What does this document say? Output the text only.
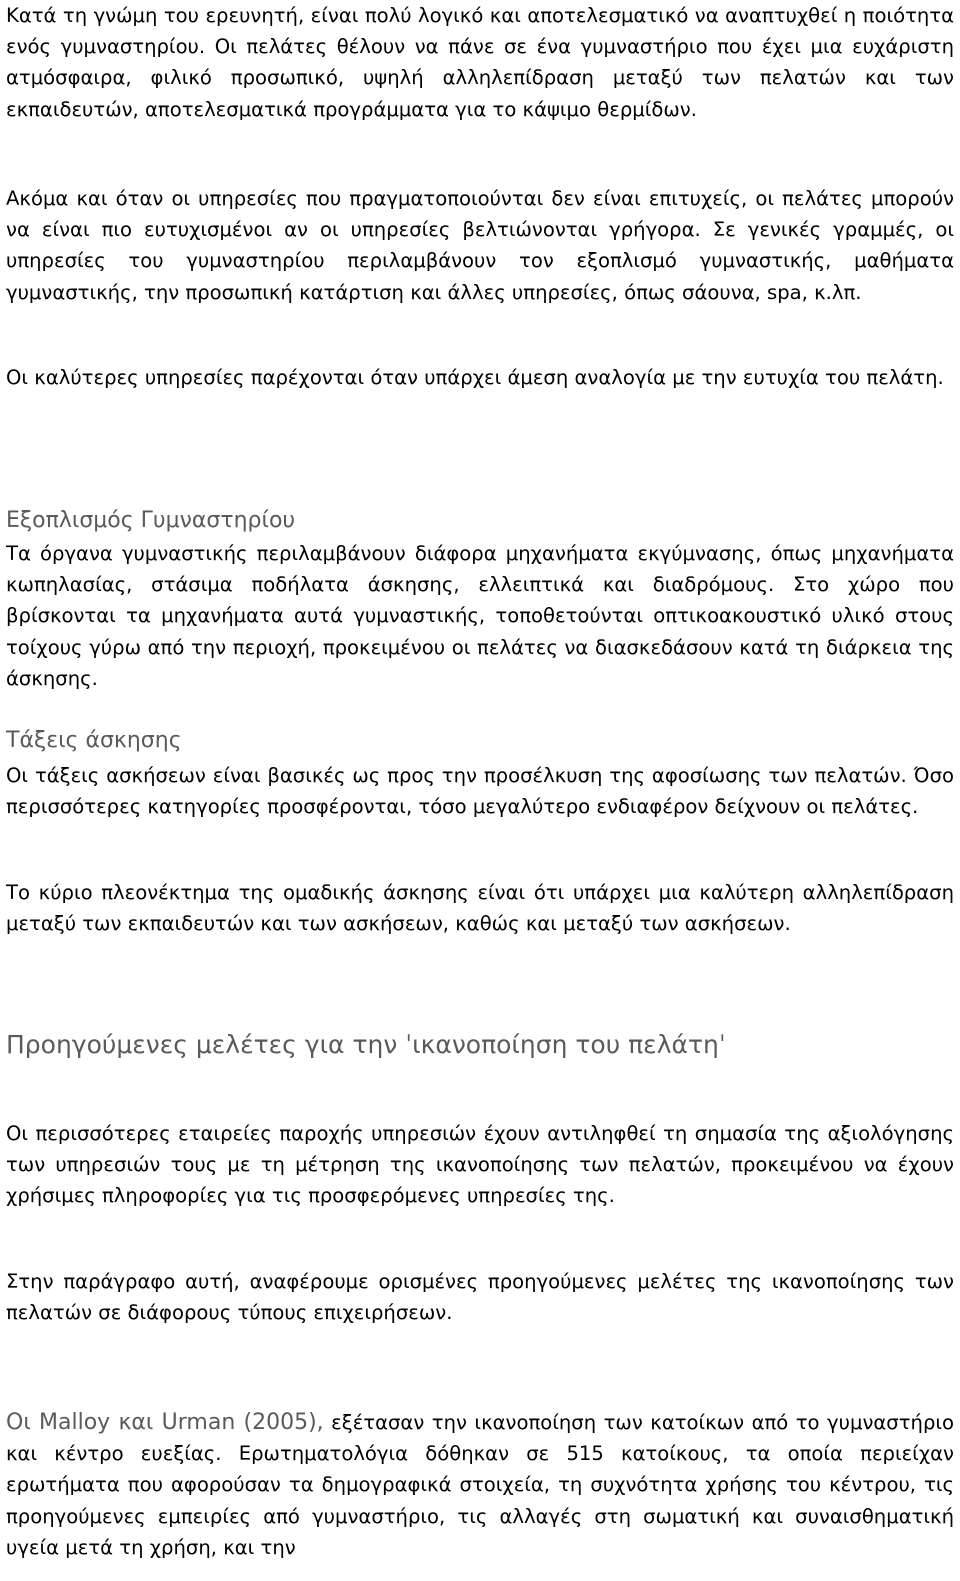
Κατά τη γνώμη του ερευνητή, είναι πολύ λογικό και αποτελεσματικό να αναπτυχθεί η ποιότητα ενός γυμναστηρίου. Οι πελάτες θέλουν να πάνε σε ένα γυμναστήριο που έχει μια ευχάριστη ατμόσφαιρα, φιλικό προσωπικό, υψηλή αλληλεπίδραση μεταξύ των πελατών και των εκπαιδευτών, αποτελεσματικά προγράμματα για το κάψιμο θερμίδων.

Ακόμα και όταν οι υπηρεσίες που πραγματοποιούνται δεν είναι επιτυχείς, οι πελάτες μπορούν να είναι πιο ευτυχισμένοι αν οι υπηρεσίες βελτιώνονται γρήγορα. Σε γενικές γραμμές, οι υπηρεσίες του γυμναστηρίου περιλαμβάνουν τον εξοπλισμό γυμναστικής, μαθήματα γυμναστικής, την προσωπική κατάρτιση και άλλες υπηρεσίες, όπως σάουνα, spa, κ.λπ.

Οι καλύτερες υπηρεσίες παρέχονται όταν υπάρχει άμεση αναλογία με την ευτυχία του πελάτη.

Εξοπλισμός Γυμναστηρίου

Τα όργανα γυμναστικής περιλαμβάνουν διάφορα μηχανήματα εκγύμνασης, όπως μηχανήματα κωπηλασίας, στάσιμα ποδήλατα άσκησης, ελλειπτικά και διαδρόμους. Στο χώρο που βρίσκονται τα μηχανήματα αυτά γυμναστικής, τοποθετούνται οπτικοακουστικό υλικό στους τοίχους γύρω από την περιοχή, προκειμένου οι πελάτες να διασκεδάσουν κατά τη διάρκεια της άσκησης.

Τάξεις άσκησης

Οι τάξεις ασκήσεων είναι βασικές ως προς την προσέλκυση της αφοσίωσης των πελατών. Όσο περισσότερες κατηγορίες προσφέρονται, τόσο μεγαλύτερο ενδιαφέρον δείχνουν οι πελάτες.

Το κύριο πλεονέκτημα της ομαδικής άσκησης είναι ότι υπάρχει μια καλύτερη αλληλεπίδραση μεταξύ των εκπαιδευτών και των ασκήσεων, καθώς και μεταξύ των ασκήσεων.

Προηγούμενες μελέτες για την ˈικανοποίηση του πελάτηˈ

Οι περισσότερες εταιρείες παροχής υπηρεσιών έχουν αντιληφθεί τη σημασία της αξιολόγησης των υπηρεσιών τους με τη μέτρηση της ικανοποίησης των πελατών, προκειμένου να έχουν χρήσιμες πληροφορίες για τις προσφερόμενες υπηρεσίες της.

Στην παράγραφο αυτή, αναφέρουμε ορισμένες προηγούμενες μελέτες της ικανοποίησης των πελατών σε διάφορους τύπους επιχειρήσεων.

Οι Malloy και Urman (2005), εξέτασαν την ικανοποίηση των κατοίκων από το γυμναστήριο και κέντρο ευεξίας. Ερωτηματολόγια δόθηκαν σε 515 κατοίκους, τα οποία περιείχαν ερωτήματα που αφορούσαν τα δημογραφικά στοιχεία, τη συχνότητα χρήσης του κέντρου, τις προηγούμενες εμπειρίες από γυμναστήριο, τις αλλαγές στη σωματική και συναισθηματική υγεία μετά τη χρήση, και την
